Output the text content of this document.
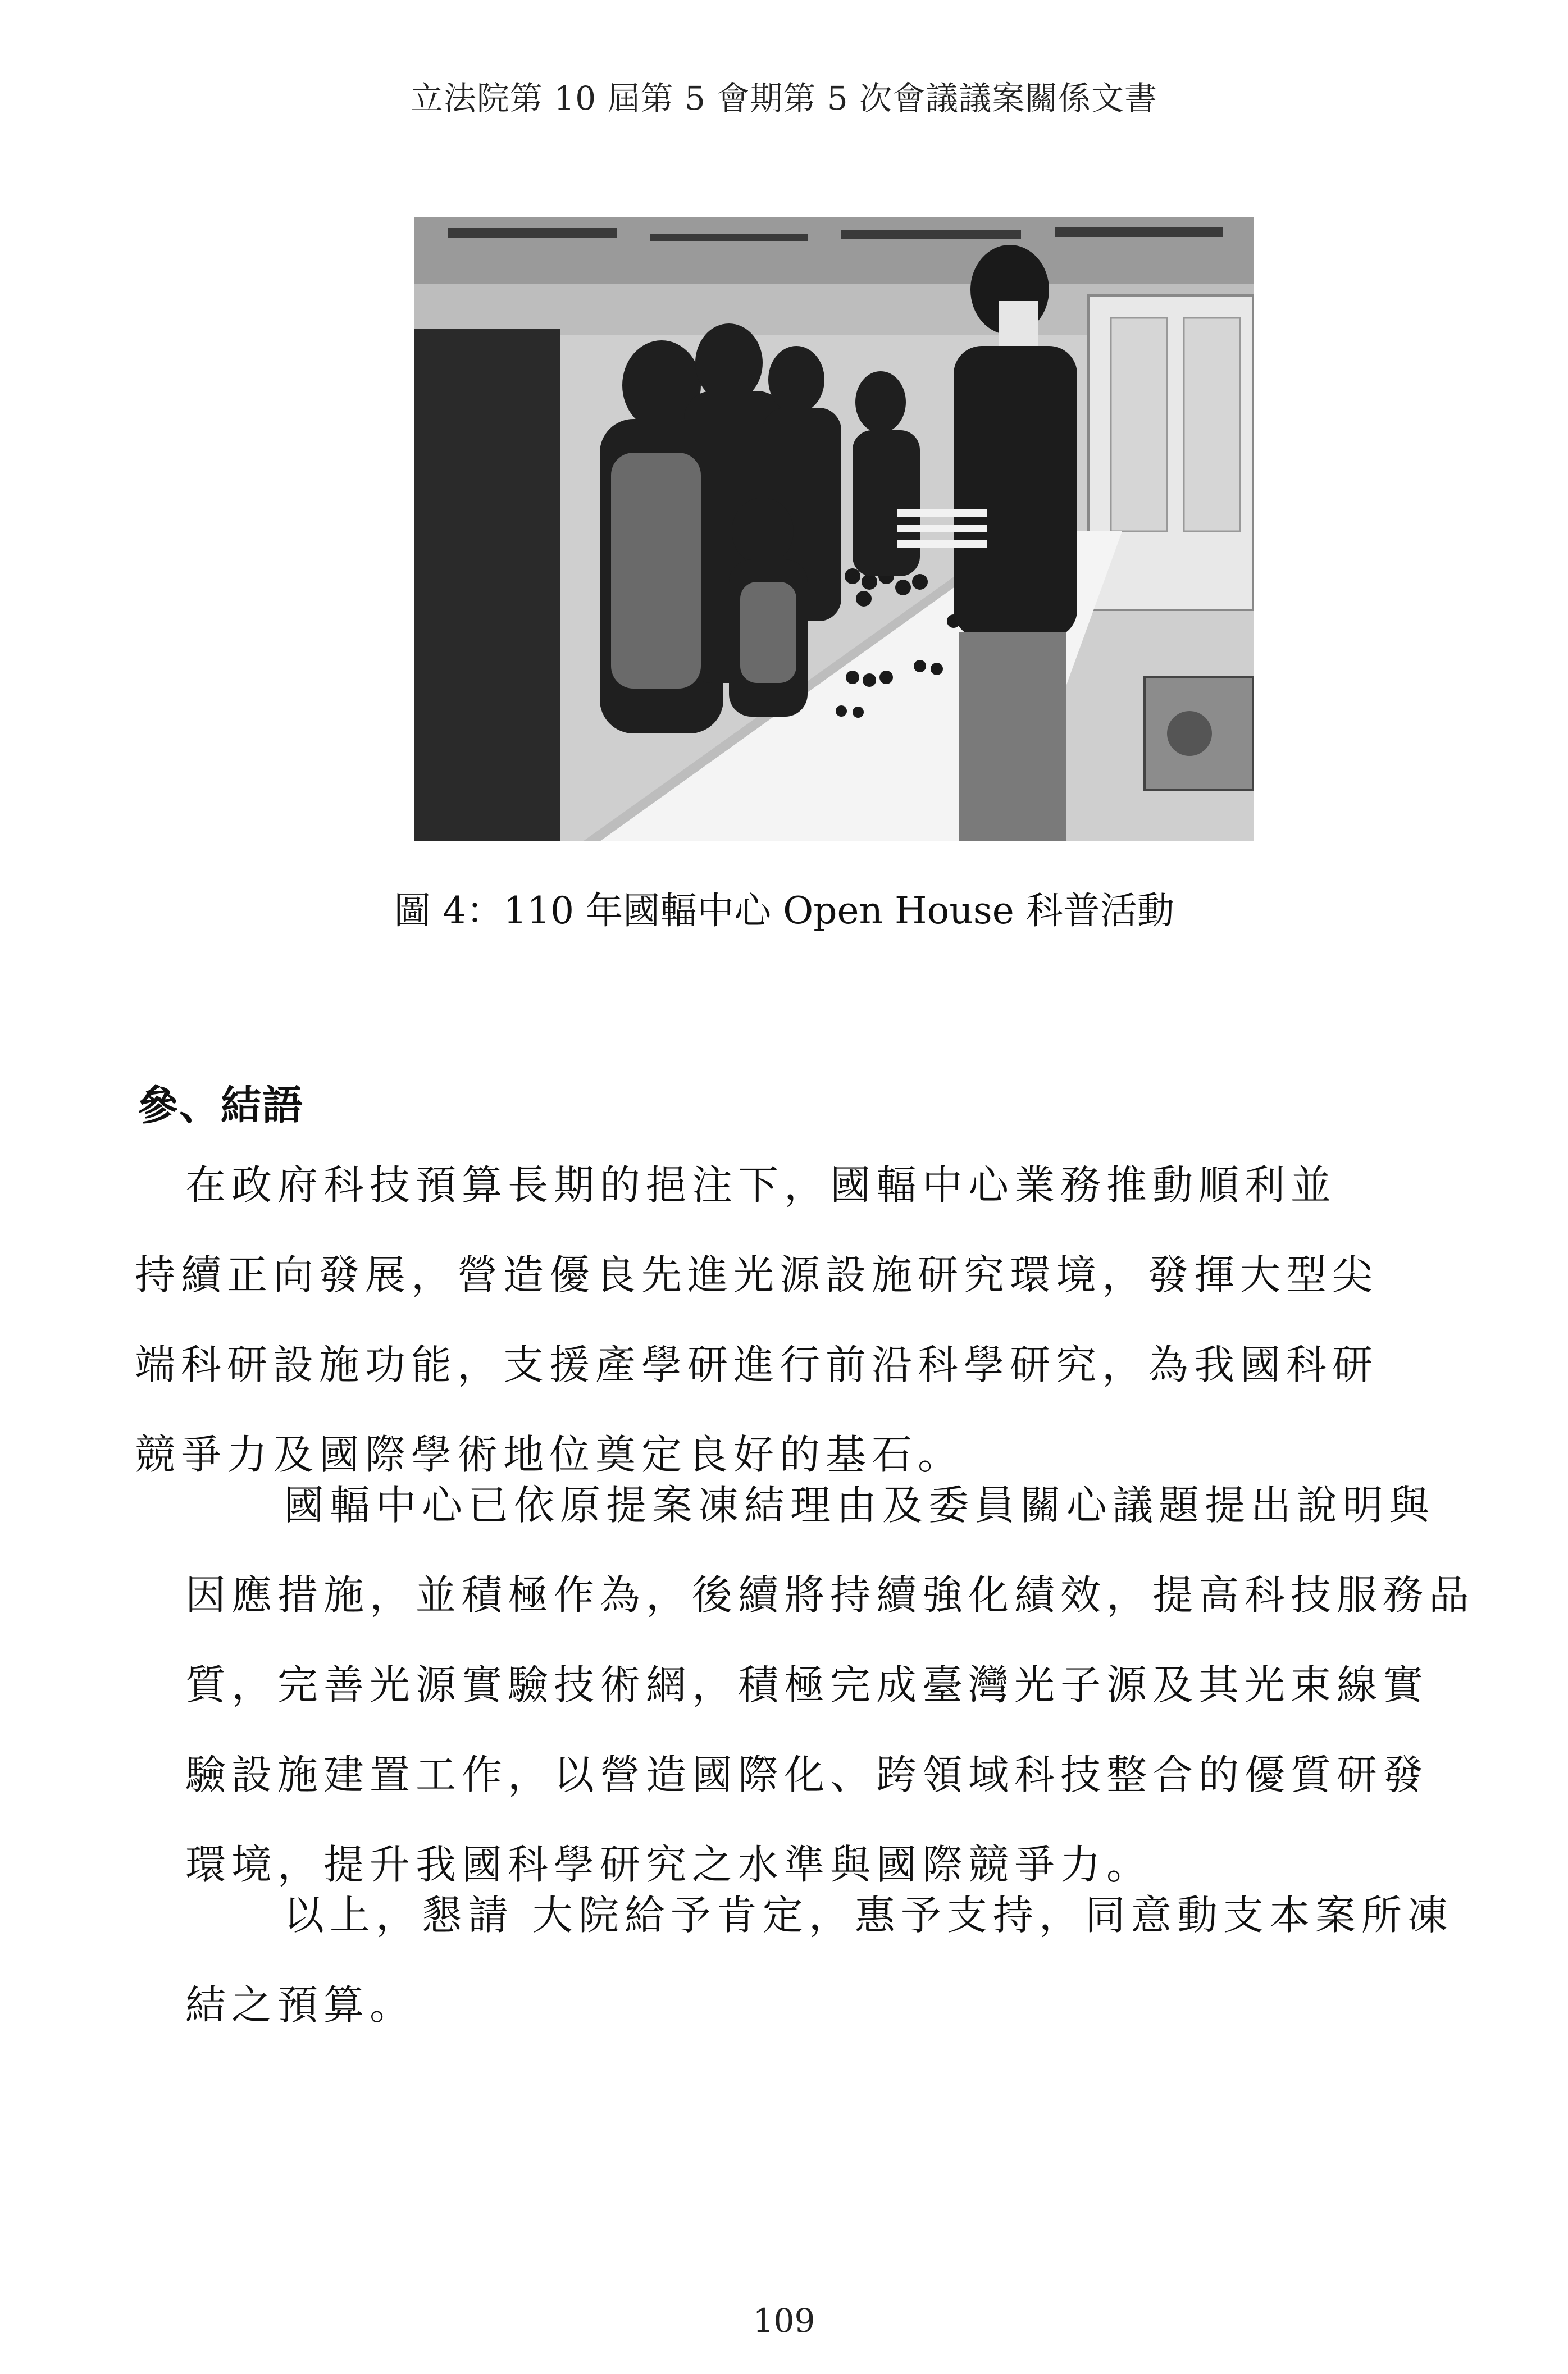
立法院第 10 屆第 5 會期第 5 次會議議案關係文書
圖 4：110 年國輻中心 Open House 科普活動
參、結語
在政府科技預算長期的挹注下，國輻中心業務推動順利並
持續正向發展，營造優良先進光源設施研究環境，發揮大型尖
端科研設施功能，支援產學研進行前沿科學研究，為我國科研
競爭力及國際學術地位奠定良好的基石。
國輻中心已依原提案凍結理由及委員關心議題提出說明與
因應措施，並積極作為，後續將持續強化績效，提高科技服務品
質，完善光源實驗技術網，積極完成臺灣光子源及其光束線實
驗設施建置工作，以營造國際化、跨領域科技整合的優質研發
環境，提升我國科學研究之水準與國際競爭力。
以上，懇請 大院給予肯定，惠予支持，同意動支本案所凍
結之預算。
109
